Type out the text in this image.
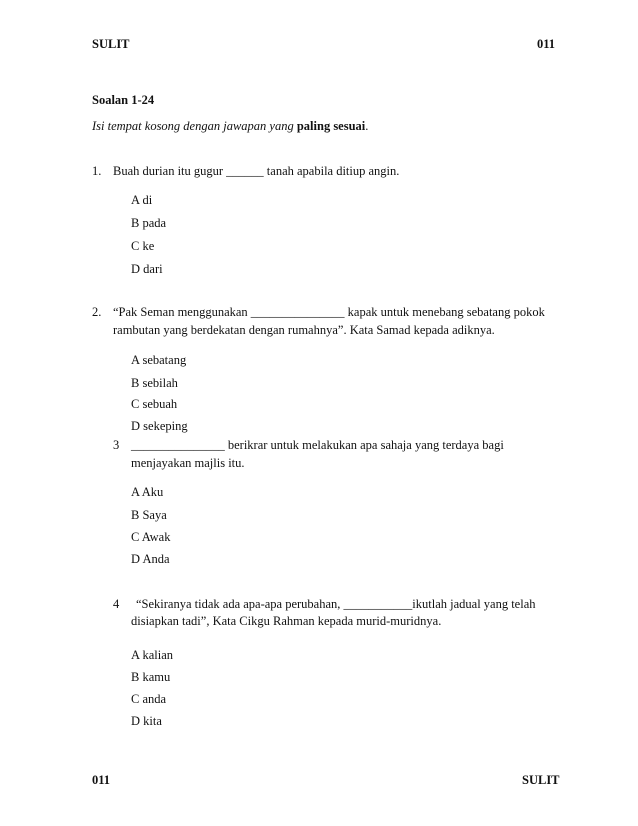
SULIT	011
Soalan 1-24
Isi tempat kosong dengan jawapan yang paling sesuai.
1. Buah durian itu gugur ______ tanah apabila ditiup angin.
A di
B pada
C ke
D dari
2. “Pak Seman menggunakan _______________ kapak untuk menebang sebatang pokok
rambutan yang berdekatan dengan rumahnya”. Kata Samad kepada adiknya.
A sebatang
B sebilah
C sebuah
D sekeping
3 _______________ berikrar untuk melakukan apa sahaja yang terdaya bagi
menjayakan majlis itu.
A Aku
B Saya
C Awak
D Anda
4 “Sekiranya tidak ada apa-apa perubahan, ___________ikutlah jadual yang telah
disiapkan tadi”, Kata Cikgu Rahman kepada murid-muridnya.
A kalian
B kamu
C anda
D kita
011	SULIT
